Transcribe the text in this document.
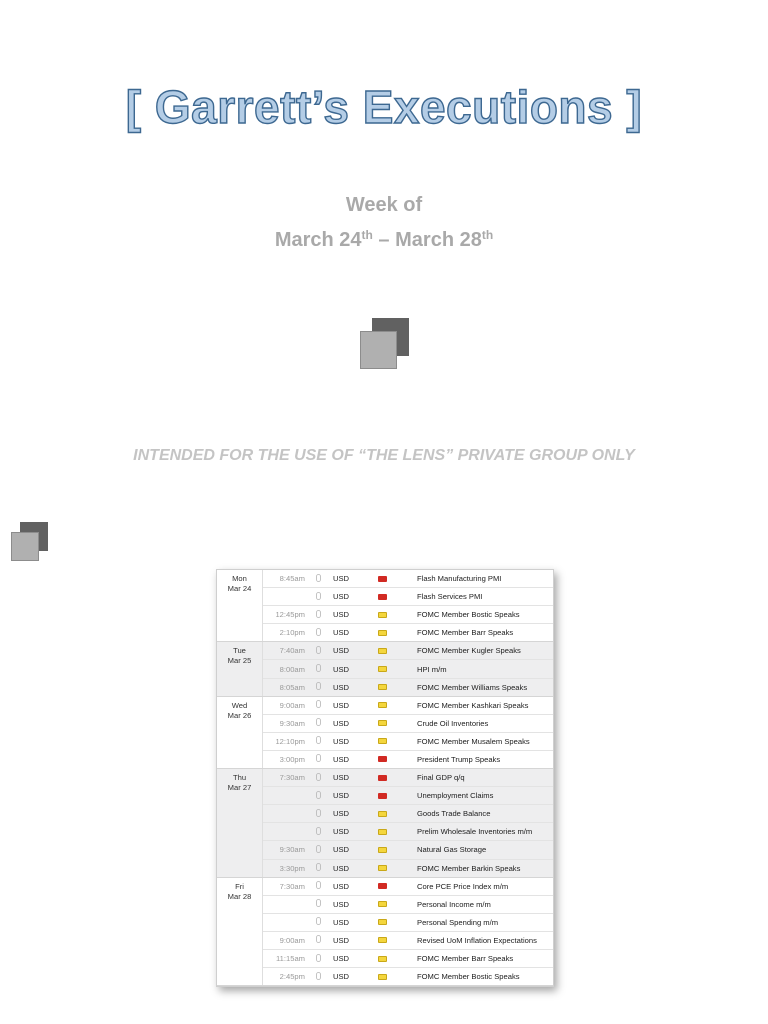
[ Garrett’s Executions ]
Week of
March 24th – March 28th
INTENDED FOR THE USE OF “THE LENS” PRIVATE GROUP ONLY
Mon
Mar 24
8:45am	USD	Flash Manufacturing PMI
USD	Flash Services PMI
12:45pm	USD	FOMC Member Bostic Speaks
2:10pm	USD	FOMC Member Barr Speaks
Tue
Mar 25
7:40am	USD	FOMC Member Kugler Speaks
8:00am	USD	HPI m/m
8:05am	USD	FOMC Member Williams Speaks
Wed
Mar 26
9:00am	USD	FOMC Member Kashkari Speaks
9:30am	USD	Crude Oil Inventories
12:10pm	USD	FOMC Member Musalem Speaks
3:00pm	USD	President Trump Speaks
Thu
Mar 27
7:30am	USD	Final GDP q/q
USD	Unemployment Claims
USD	Goods Trade Balance
USD	Prelim Wholesale Inventories m/m
9:30am	USD	Natural Gas Storage
3:30pm	USD	FOMC Member Barkin Speaks
Fri
Mar 28
7:30am	USD	Core PCE Price Index m/m
USD	Personal Income m/m
USD	Personal Spending m/m
9:00am	USD	Revised UoM Inflation Expectations
11:15am	USD	FOMC Member Barr Speaks
2:45pm	USD	FOMC Member Bostic Speaks
